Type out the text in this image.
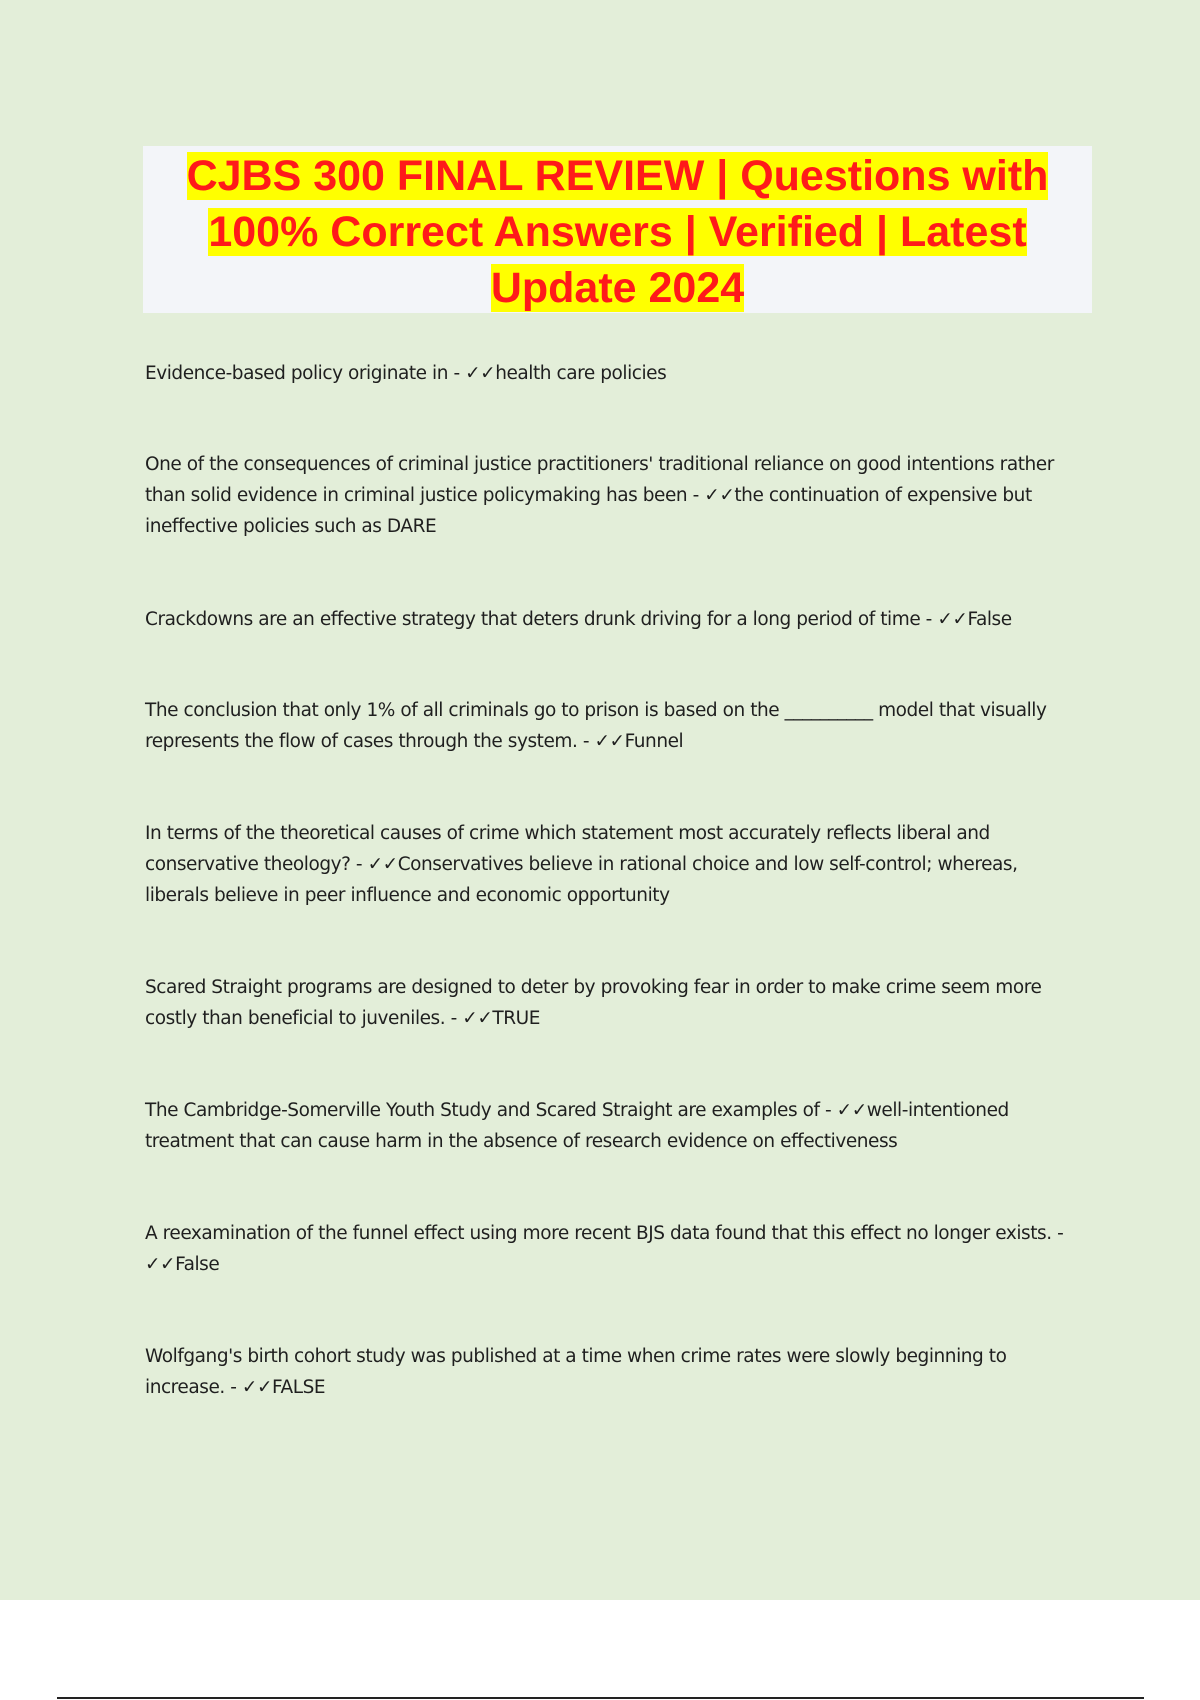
CJBS 300 FINAL REVIEW | Questions with 100% Correct Answers | Verified | Latest Update 2024

Evidence-based policy originate in - ✓✓health care policies

One of the consequences of criminal justice practitioners' traditional reliance on good intentions rather than solid evidence in criminal justice policymaking has been - ✓✓the continuation of expensive but ineffective policies such as DARE

Crackdowns are an effective strategy that deters drunk driving for a long period of time - ✓✓False

The conclusion that only 1% of all criminals go to prison is based on the __________ model that visually represents the flow of cases through the system. - ✓✓Funnel

In terms of the theoretical causes of crime which statement most accurately reflects liberal and conservative theology? - ✓✓Conservatives believe in rational choice and low self-control; whereas, liberals believe in peer influence and economic opportunity

Scared Straight programs are designed to deter by provoking fear in order to make crime seem more costly than beneficial to juveniles. - ✓✓TRUE

The Cambridge-Somerville Youth Study and Scared Straight are examples of - ✓✓well-intentioned treatment that can cause harm in the absence of research evidence on effectiveness

A reexamination of the funnel effect using more recent BJS data found that this effect no longer exists. - ✓✓False

Wolfgang's birth cohort study was published at a time when crime rates were slowly beginning to increase. - ✓✓FALSE
